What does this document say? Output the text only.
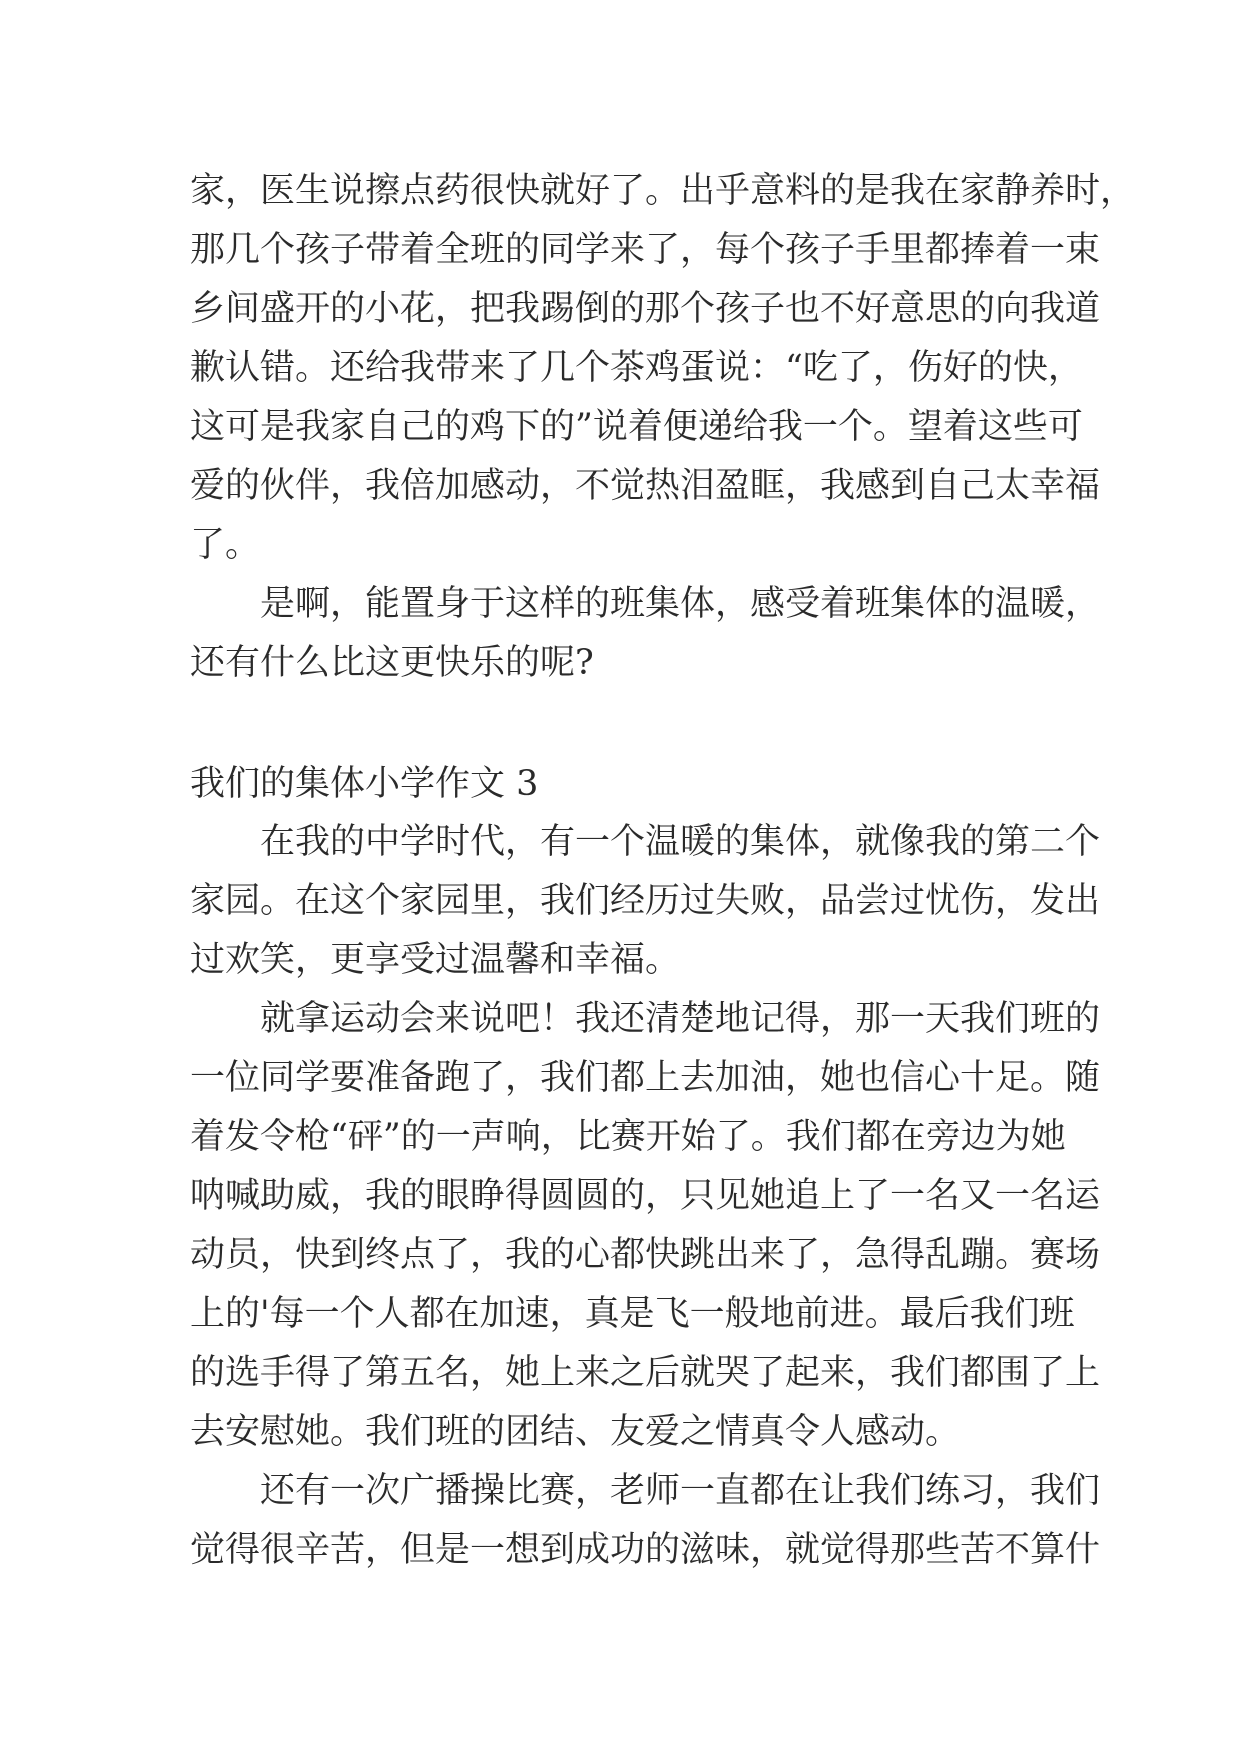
家，医生说擦点药很快就好了。出乎意料的是我在家静养时，
那几个孩子带着全班的同学来了，每个孩子手里都捧着一束
乡间盛开的小花，把我踢倒的那个孩子也不好意思的向我道
歉认错。还给我带来了几个茶鸡蛋说：“吃了，伤好的快，
这可是我家自己的鸡下的”说着便递给我一个。望着这些可
爱的伙伴，我倍加感动，不觉热泪盈眶，我感到自己太幸福
了。
是啊，能置身于这样的班集体，感受着班集体的温暖，
还有什么比这更快乐的呢?
我们的集体小学作文 3
在我的中学时代，有一个温暖的集体，就像我的第二个
家园。在这个家园里，我们经历过失败，品尝过忧伤，发出
过欢笑，更享受过温馨和幸福。
就拿运动会来说吧！我还清楚地记得，那一天我们班的
一位同学要准备跑了，我们都上去加油，她也信心十足。随
着发令枪“砰”的一声响，比赛开始了。我们都在旁边为她
呐喊助威，我的眼睁得圆圆的，只见她追上了一名又一名运
动员，快到终点了，我的心都快跳出来了，急得乱蹦。赛场
上的'每一个人都在加速，真是飞一般地前进。最后我们班
的选手得了第五名，她上来之后就哭了起来，我们都围了上
去安慰她。我们班的团结、友爱之情真令人感动。
还有一次广播操比赛，老师一直都在让我们练习，我们
觉得很辛苦，但是一想到成功的滋味，就觉得那些苦不算什
